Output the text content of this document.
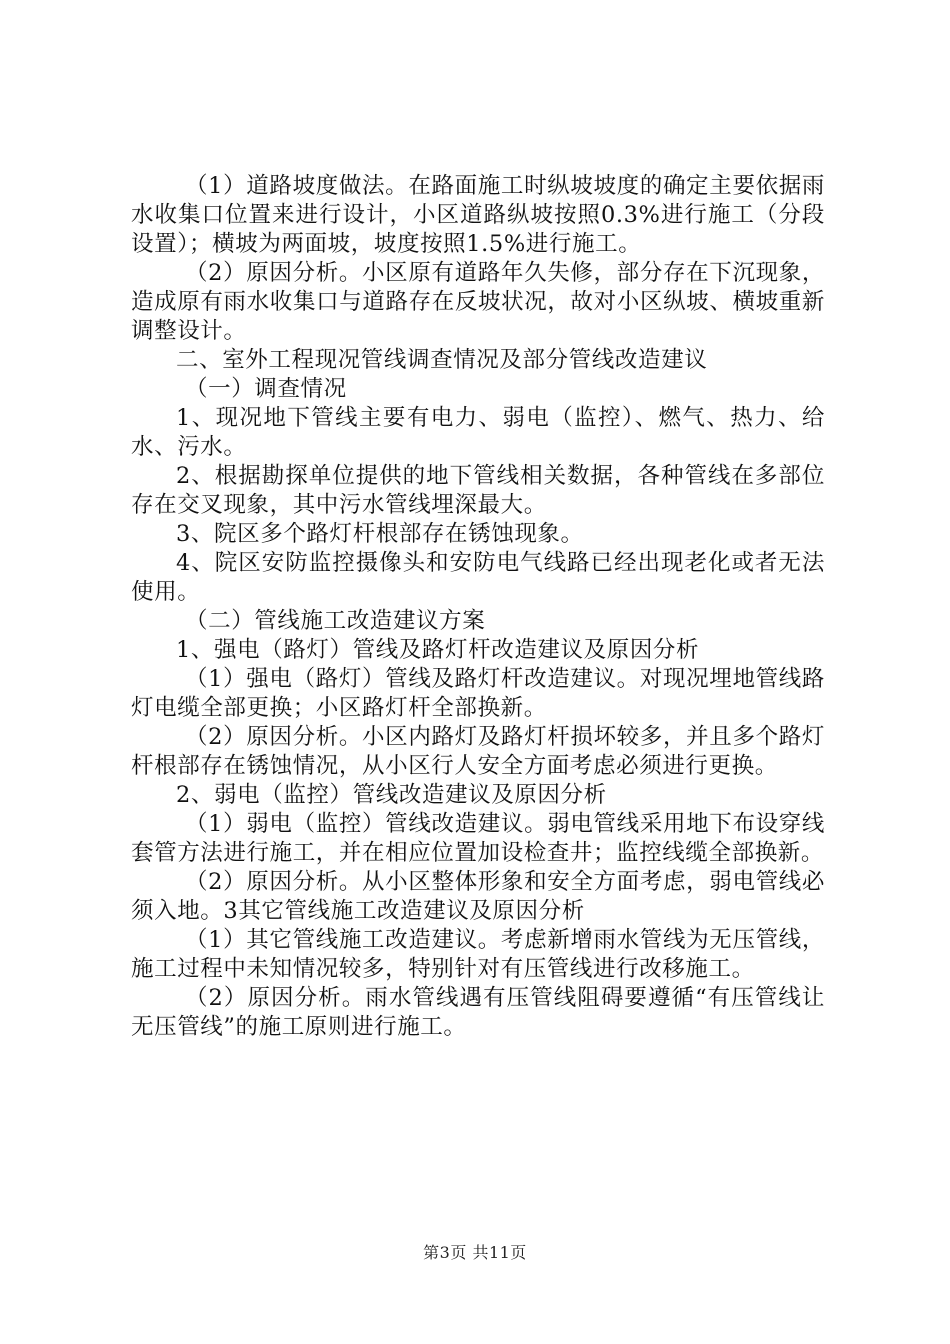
（1）道路坡度做法。在路面施工时纵坡坡度的确定主要依据雨水收集口位置来进行设计，小区道路纵坡按照0.3%进行施工（分段设置）；横坡为两面坡，坡度按照1.5%进行施工。

（2）原因分析。小区原有道路年久失修，部分存在下沉现象，造成原有雨水收集口与道路存在反坡状况，故对小区纵坡、横坡重新调整设计。

二、室外工程现况管线调查情况及部分管线改造建议

（一）调查情况

1、现况地下管线主要有电力、弱电（监控）、燃气、热力、给水、污水。

2、根据勘探单位提供的地下管线相关数据，各种管线在多部位存在交叉现象，其中污水管线埋深最大。

3、院区多个路灯杆根部存在锈蚀现象。

4、院区安防监控摄像头和安防电气线路已经出现老化或者无法使用。

（二）管线施工改造建议方案

1、强电（路灯）管线及路灯杆改造建议及原因分析

（1）强电（路灯）管线及路灯杆改造建议。对现况埋地管线路灯电缆全部更换；小区路灯杆全部换新。

（2）原因分析。小区内路灯及路灯杆损坏较多，并且多个路灯杆根部存在锈蚀情况，从小区行人安全方面考虑必须进行更换。

2、弱电（监控）管线改造建议及原因分析

（1）弱电（监控）管线改造建议。弱电管线采用地下布设穿线套管方法进行施工，并在相应位置加设检查井；监控线缆全部换新。

（2）原因分析。从小区整体形象和安全方面考虑，弱电管线必须入地。3其它管线施工改造建议及原因分析

（1）其它管线施工改造建议。考虑新增雨水管线为无压管线，施工过程中未知情况较多，特别针对有压管线进行改移施工。

（2）原因分析。雨水管线遇有压管线阻碍要遵循“有压管线让无压管线”的施工原则进行施工。

第3页 共11页
